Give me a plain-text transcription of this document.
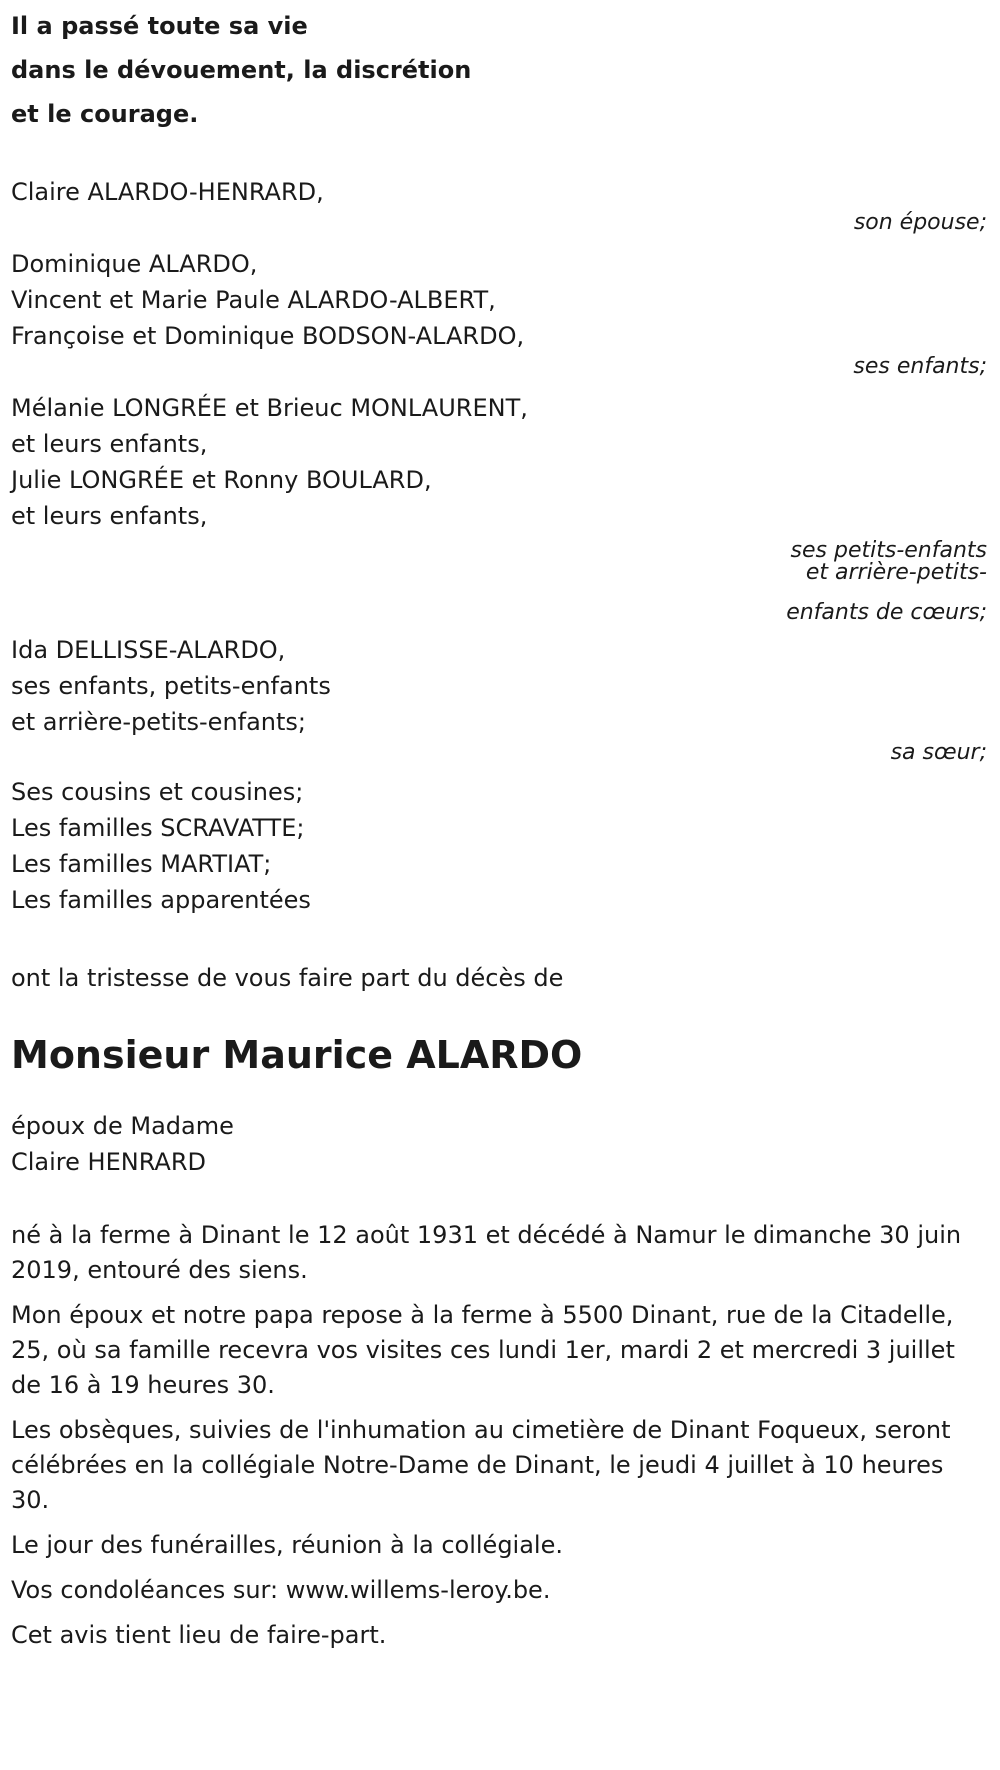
Il a passé toute sa vie
dans le dévouement, la discrétion
et le courage.
Claire ALARDO-HENRARD,
son épouse;
Dominique ALARDO,
Vincent et Marie Paule ALARDO-ALBERT,
Françoise et Dominique BODSON-ALARDO,
ses enfants;
Mélanie LONGRÉE et Brieuc MONLAURENT,
et leurs enfants,
Julie LONGRÉE et Ronny BOULARD,
et leurs enfants,
ses petits-enfants
et arrière-petits-
enfants de cœurs;
Ida DELLISSE-ALARDO,
ses enfants, petits-enfants
et arrière-petits-enfants;
sa sœur;
Ses cousins et cousines;
Les familles SCRAVATTE;
Les familles MARTIAT;
Les familles apparentées
ont la tristesse de vous faire part du décès de
Monsieur Maurice ALARDO
époux de Madame
Claire HENRARD

né à la ferme à Dinant le 12 août 1931 et décédé à Namur le dimanche 30 juin 2019, entouré des siens.

Mon époux et notre papa repose à la ferme à 5500 Dinant, rue de la Citadelle, 25, où sa famille recevra vos visites ces lundi 1er, mardi 2 et mercredi 3 juillet de 16 à 19 heures 30.

Les obsèques, suivies de l'inhumation au cimetière de Dinant Foqueux, seront célébrées en la collégiale Notre-Dame de Dinant, le jeudi 4 juillet à 10 heures 30.

Le jour des funérailles, réunion à la collégiale.

Vos condoléances sur: www.willems-leroy.be.

Cet avis tient lieu de faire-part.
